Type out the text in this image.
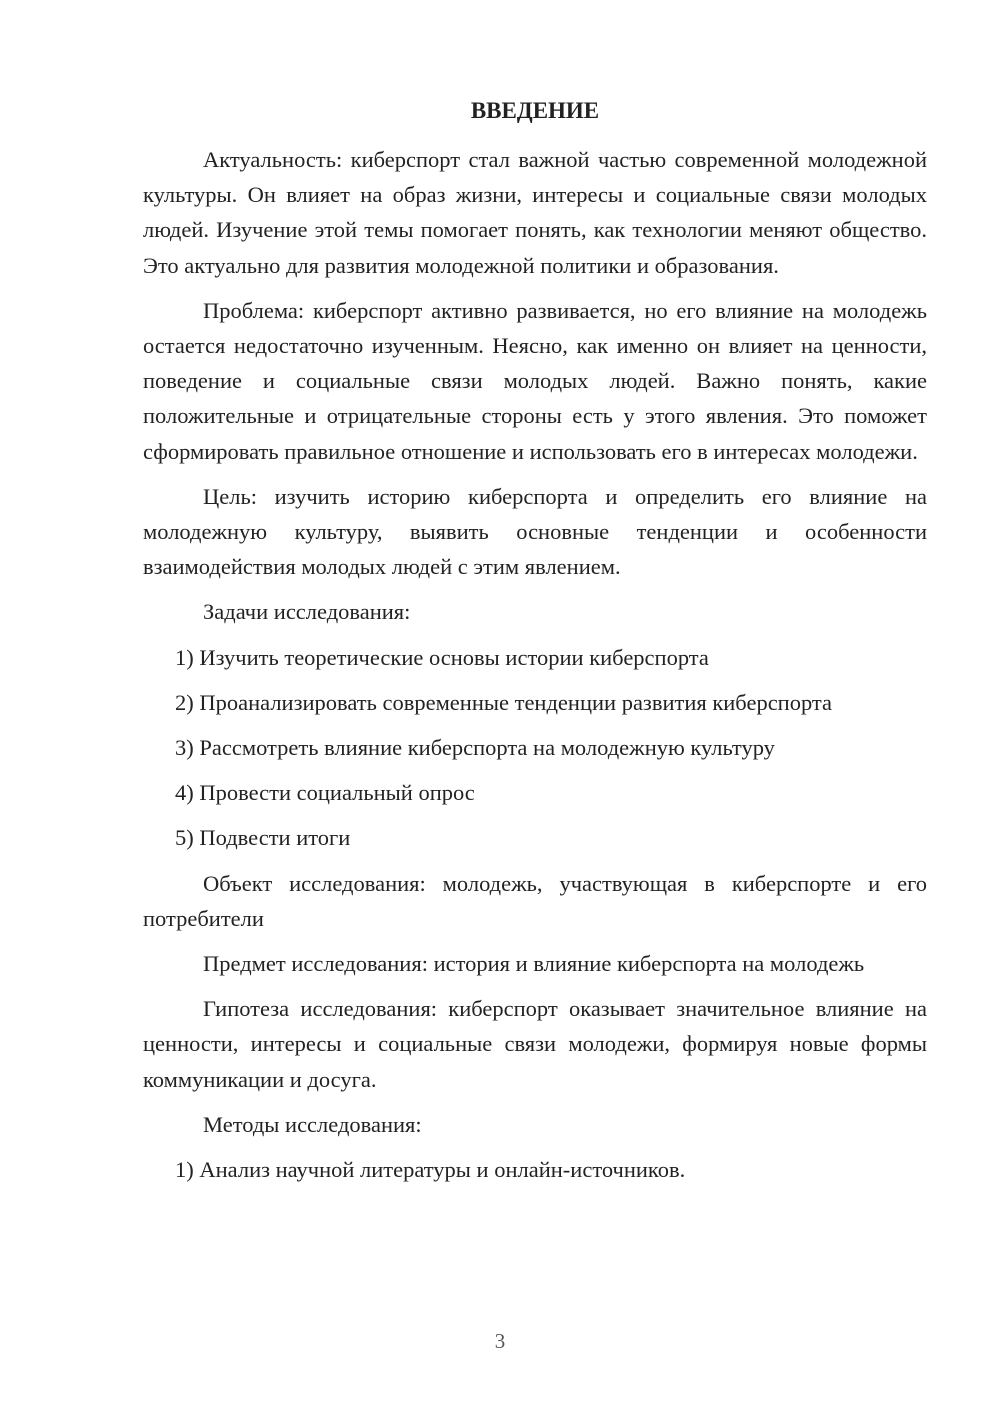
ВВЕДЕНИЕ

Актуальность: киберспорт стал важной частью современной молодежной культуры. Он влияет на образ жизни, интересы и социальные связи молодых людей. Изучение этой темы помогает понять, как технологии меняют общество. Это актуально для развития молодежной политики и образования.

Проблема: киберспорт активно развивается, но его влияние на молодежь остается недостаточно изученным. Неясно, как именно он влияет на ценности, поведение и социальные связи молодых людей. Важно понять, какие положительные и отрицательные стороны есть у этого явления. Это поможет сформировать правильное отношение и использовать его в интересах молодежи.

Цель: изучить историю киберспорта и определить его влияние на молодежную культуру, выявить основные тенденции и особенности взаимодействия молодых людей с этим явлением.

Задачи исследования:

1) Изучить теоретические основы истории киберспорта
2) Проанализировать современные тенденции развития киберспорта
3) Рассмотреть влияние киберспорта на молодежную культуру
4) Провести социальный опрос
5) Подвести итоги

Объект исследования: молодежь, участвующая в киберспорте и его потребители

Предмет исследования: история и влияние киберспорта на молодежь

Гипотеза исследования: киберспорт оказывает значительное влияние на ценности, интересы и социальные связи молодежи, формируя новые формы коммуникации и досуга.

Методы исследования:

1) Анализ научной литературы и онлайн-источников.
3
